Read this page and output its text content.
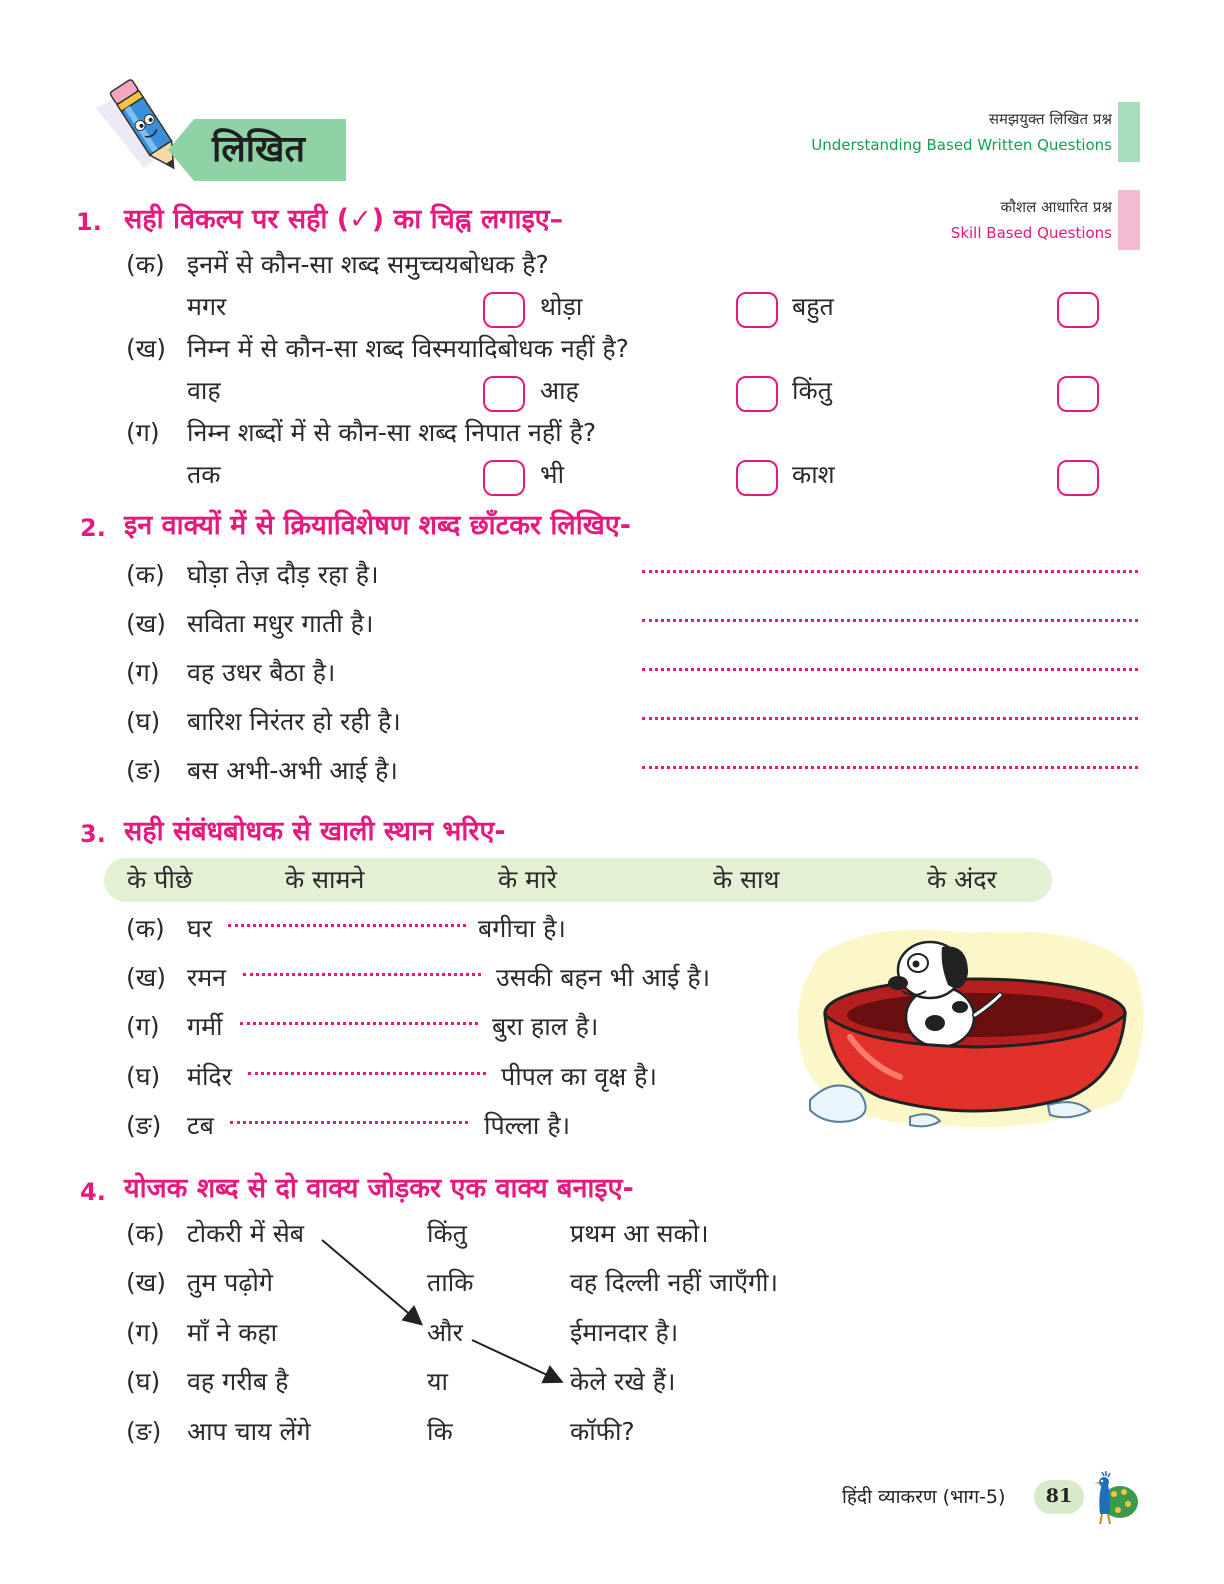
लिखित
समझयुक्त लिखित प्रश्न
Understanding Based Written Questions
कौशल आधारित प्रश्न
Skill Based Questions
1. सही विकल्प पर सही (✓) का चिह्न लगाइए–
(क) इनमें से कौन-सा शब्द समुच्चयबोधक है?
मगर	थोड़ा	बहुत
(ख) निम्न में से कौन-सा शब्द विस्मयादिबोधक नहीं है?
वाह	आह	किंतु
(ग) निम्न शब्दों में से कौन-सा शब्द निपात नहीं है?
तक	भी	काश
2. इन वाक्यों में से क्रियाविशेषण शब्द छाँटकर लिखिए-
(क) घोड़ा तेज़ दौड़ रहा है।
(ख) सविता मधुर गाती है।
(ग) वह उधर बैठा है।
(घ) बारिश निरंतर हो रही है।
(ङ) बस अभी-अभी आई है।
3. सही संबंधबोधक से खाली स्थान भरिए-
के पीछे	के सामने	के मारे	के साथ	के अंदर
(क) घर	बगीचा है।
(ख) रमन	उसकी बहन भी आई है।
(ग) गर्मी	बुरा हाल है।
(घ) मंदिर	पीपल का वृक्ष है।
(ङ) टब	पिल्ला है।
4. योजक शब्द से दो वाक्य जोड़कर एक वाक्य बनाइए-
(क) टोकरी में सेब	किंतु	प्रथम आ सको।
(ख) तुम पढ़ोगे	ताकि	वह दिल्ली नहीं जाएँगी।
(ग) माँ ने कहा	और	ईमानदार है।
(घ) वह गरीब है	या	केले रखे हैं।
(ङ) आप चाय लेंगे	कि	कॉफी?
हिंदी व्याकरण (भाग-5)	81
